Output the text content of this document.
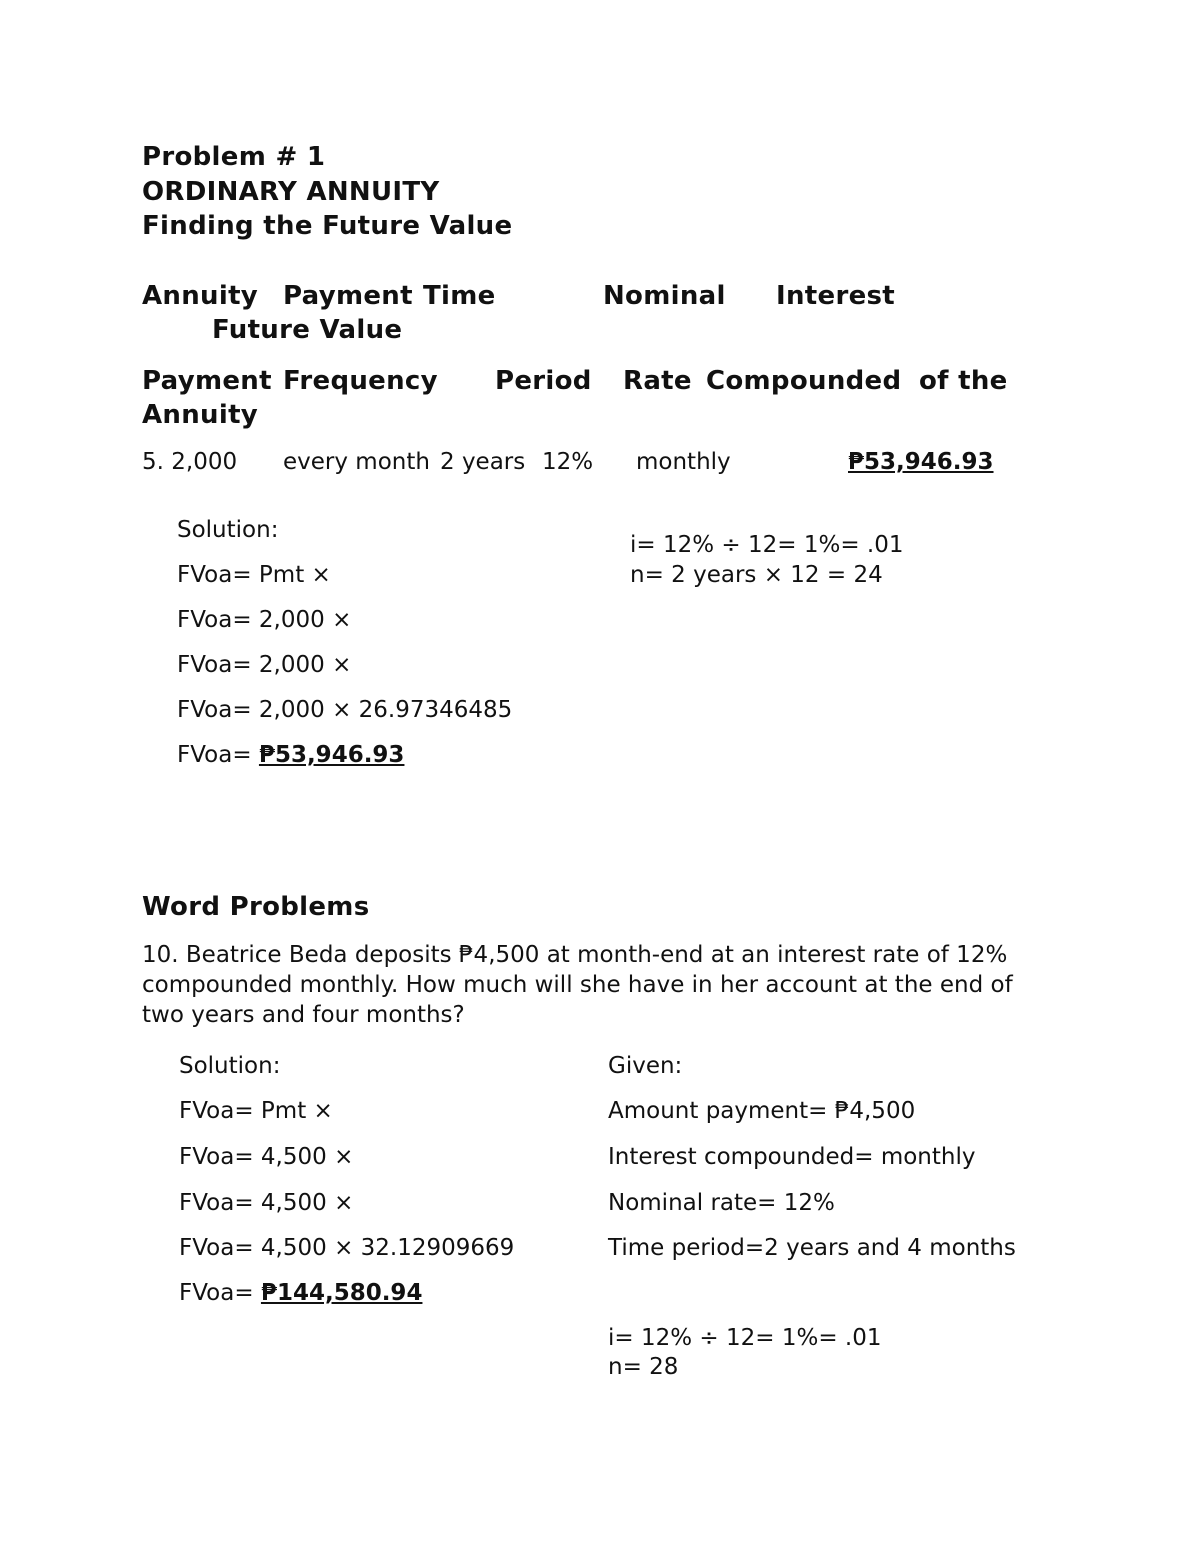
Problem # 1
ORDINARY ANNUITY
Finding the Future Value
Annuity Payment Time	Nominal Interest
Future Value
Payment Frequency Period Rate Compounded of the
Annuity
5. 2,000 every month 2 years 12% monthly	₱53,946.93
Solution:
FVoa= Pmt ×
FVoa= 2,000 ×
FVoa= 2,000 ×
FVoa= 2,000 × 26.97346485
FVoa= ₱53,946.93
i= 12% ÷ 12= 1%= .01
n= 2 years × 12 = 24
Word Problems
10. Beatrice Beda deposits ₱4,500 at month-end at an interest rate of 12% compounded monthly. How much will she have in her account at the end of two years and four months?
Solution:
FVoa= Pmt ×
FVoa= 4,500 ×
FVoa= 4,500 ×
FVoa= 4,500 × 32.12909669
FVoa= ₱144,580.94
Given:
Amount payment= ₱4,500
Interest compounded= monthly
Nominal rate= 12%
Time period=2 years and 4 months
i= 12% ÷ 12= 1%= .01
n= 28
